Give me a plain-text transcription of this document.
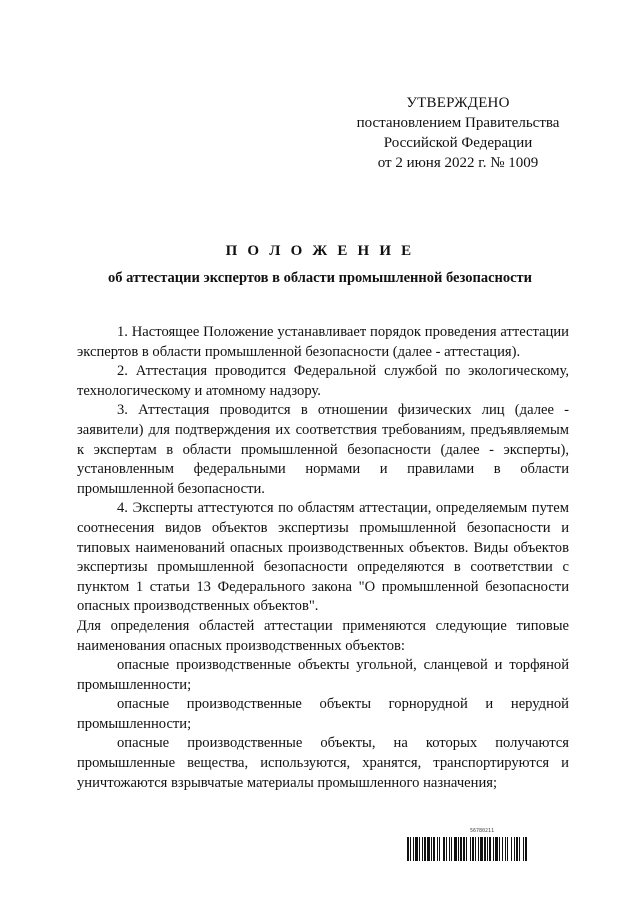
УТВЕРЖДЕНО
постановлением Правительства
Российской Федерации
от 2 июня 2022 г. № 1009
П О Л О Ж Е Н И Е
об аттестации экспертов в области промышленной безопасности

1. Настоящее Положение устанавливает порядок проведения аттестации экспертов в области промышленной безопасности (далее - аттестация).

2. Аттестация проводится Федеральной службой по экологическому, технологическому и атомному надзору.

3. Аттестация проводится в отношении физических лиц (далее - заявители) для подтверждения их соответствия требованиям, предъявляемым к экспертам в области промышленной безопасности (далее - эксперты), установленным федеральными нормами и правилами в области промышленной безопасности.

4. Эксперты аттестуются по областям аттестации, определяемым путем соотнесения видов объектов экспертизы промышленной безопасности и типовых наименований опасных производственных объектов. Виды объектов экспертизы промышленной безопасности определяются в соответствии с пунктом 1 статьи 13 Федерального закона "О промышленной безопасности опасных производственных объектов".

Для определения областей аттестации применяются следующие типовые наименования опасных производственных объектов:

опасные производственные объекты угольной, сланцевой и торфяной промышленности;

опасные производственные объекты горнорудной и нерудной промышленности;

опасные производственные объекты, на которых получаются промышленные вещества, используются, хранятся, транспортируются и уничтожаются взрывчатые материалы промышленного назначения;

56780211
